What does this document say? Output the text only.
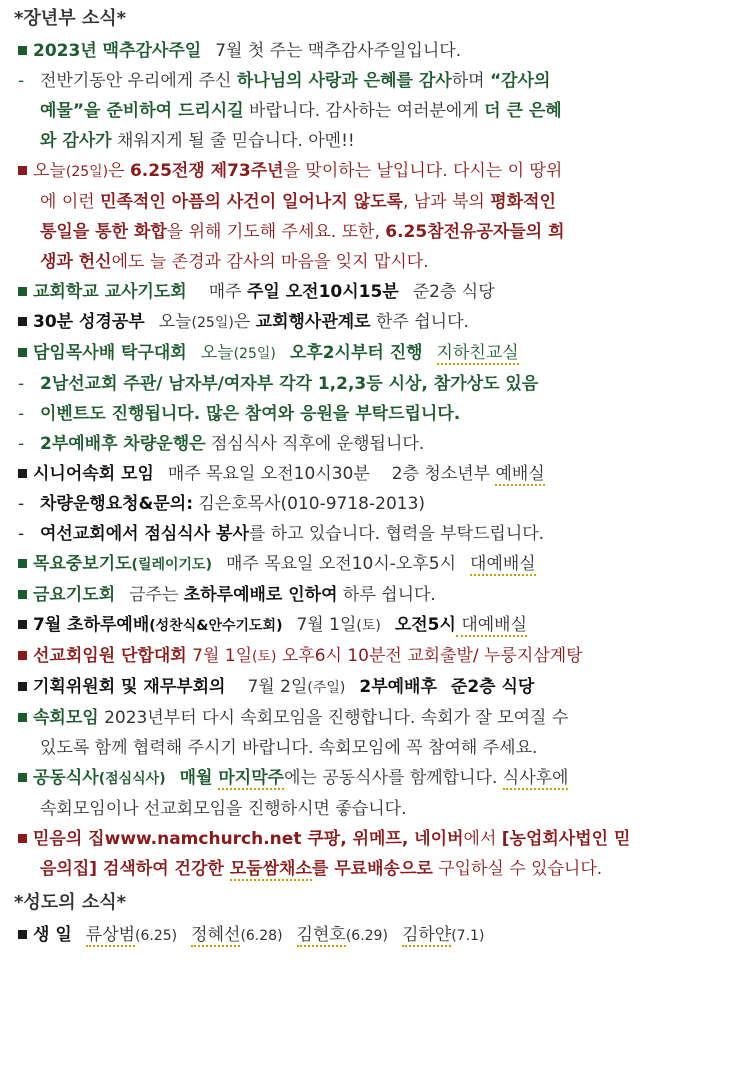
*장년부 소식*

2023년 맥추감사주일 7월 첫 주는 맥추감사주일입니다.

- 전반기동안 우리에게 주신 하나님의 사랑과 은혜를 감사하며 “감사의

예물”을 준비하여 드리시길 바랍니다. 감사하는 여러분에게 더 큰 은혜

와 감사가 채워지게 될 줄 믿습니다. 아멘!!

오늘(25일)은 6.25전쟁 제73주년을 맞이하는 날입니다. 다시는 이 땅위

에 이런 민족적인 아픔의 사건이 일어나지 않도록, 남과 북의 평화적인

통일을 통한 화합을 위해 기도해 주세요. 또한, 6.25참전유공자들의 희

생과 헌신에도 늘 존경과 감사의 마음을 잊지 맙시다.

교회학교 교사기도회 매주 주일 오전10시15분 준2층 식당

30분 성경공부 오늘(25일)은 교회행사관계로 한주 쉽니다.

담임목사배 탁구대회 오늘(25일) 오후2시부터 진행 지하친교실

- 2남선교회 주관/ 남자부/여자부 각각 1,2,3등 시상, 참가상도 있음

- 이벤트도 진행됩니다. 많은 참여와 응원을 부탁드립니다.

- 2부예배후 차량운행은 점심식사 직후에 운행됩니다.

시니어속회 모임 매주 목요일 오전10시30분 2층 청소년부 예배실

- 차량운행요청&문의: 김은호목사(010-9718-2013)

- 여선교회에서 점심식사 봉사를 하고 있습니다. 협력을 부탁드립니다.

목요중보기도(릴레이기도) 매주 목요일 오전10시-오후5시 대예배실

금요기도회 금주는 초하루예배로 인하여 하루 쉽니다.

7월 초하루예배(성찬식&안수기도회) 7월 1일(토) 오전5시 대예배실

선교회임원 단합대회 7월 1일(토) 오후6시 10분전 교회출발/ 누룽지삼계탕

기획위원회 및 재무부회의 7월 2일(주일) 2부예배후 준2층 식당

속회모임 2023년부터 다시 속회모임을 진행합니다. 속회가 잘 모여질 수

있도록 함께 협력해 주시기 바랍니다. 속회모임에 꼭 참여해 주세요.

공동식사(점심식사) 매월 마지막주에는 공동식사를 함께합니다. 식사후에

속회모임이나 선교회모임을 진행하시면 좋습니다.

믿음의 집www.namchurch.net 쿠팡, 위메프, 네이버에서 [농업회사법인 믿

음의집] 검색하여 건강한 모둠쌈채소를 무료배송으로 구입하실 수 있습니다.

*성도의 소식*

생 일 류상범(6.25) 정혜선(6.28) 김현호(6.29) 김하얀(7.1)
